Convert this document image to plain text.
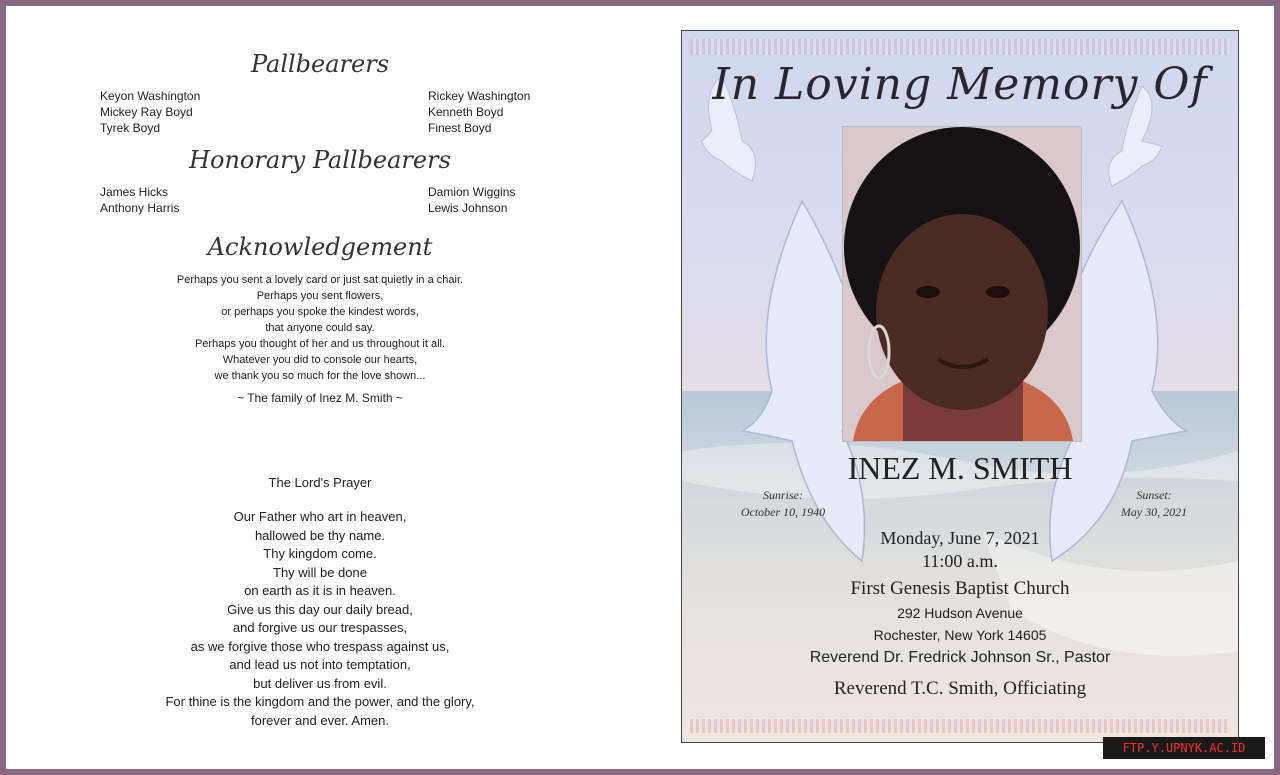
Pallbearers
Keyon Washington
Mickey Ray Boyd
Tyrek Boyd
Rickey Washington
Kenneth Boyd
Finest Boyd
Honorary Pallbearers
James Hicks
Anthony Harris
Damion Wiggins
Lewis Johnson
Acknowledgement
Perhaps you sent a lovely card or just sat quietly in a chair.
Perhaps you sent flowers,
or perhaps you spoke the kindest words,
that anyone could say.
Perhaps you thought of her and us throughout it all.
Whatever you did to console our hearts,
we thank you so much for the love shown...
~ The family of Inez M. Smith ~
The Lord's Prayer
Our Father who art in heaven,
hallowed be thy name.
Thy kingdom come.
Thy will be done
on earth as it is in heaven.
Give us this day our daily bread,
and forgive us our trespasses,
as we forgive those who trespass against us,
and lead us not into temptation,
but deliver us from evil.
For thine is the kingdom and the power, and the glory,
forever and ever. Amen.
In Loving Memory Of
INEZ M. SMITH
Sunrise:
October 10, 1940
Sunset:
May 30, 2021
Monday, June 7, 2021
11:00 a.m.
First Genesis Baptist Church
292 Hudson Avenue
Rochester, New York 14605
Reverend Dr. Fredrick Johnson Sr., Pastor
Reverend T.C. Smith, Officiating
FTP.Y.UPNYK.AC.ID
